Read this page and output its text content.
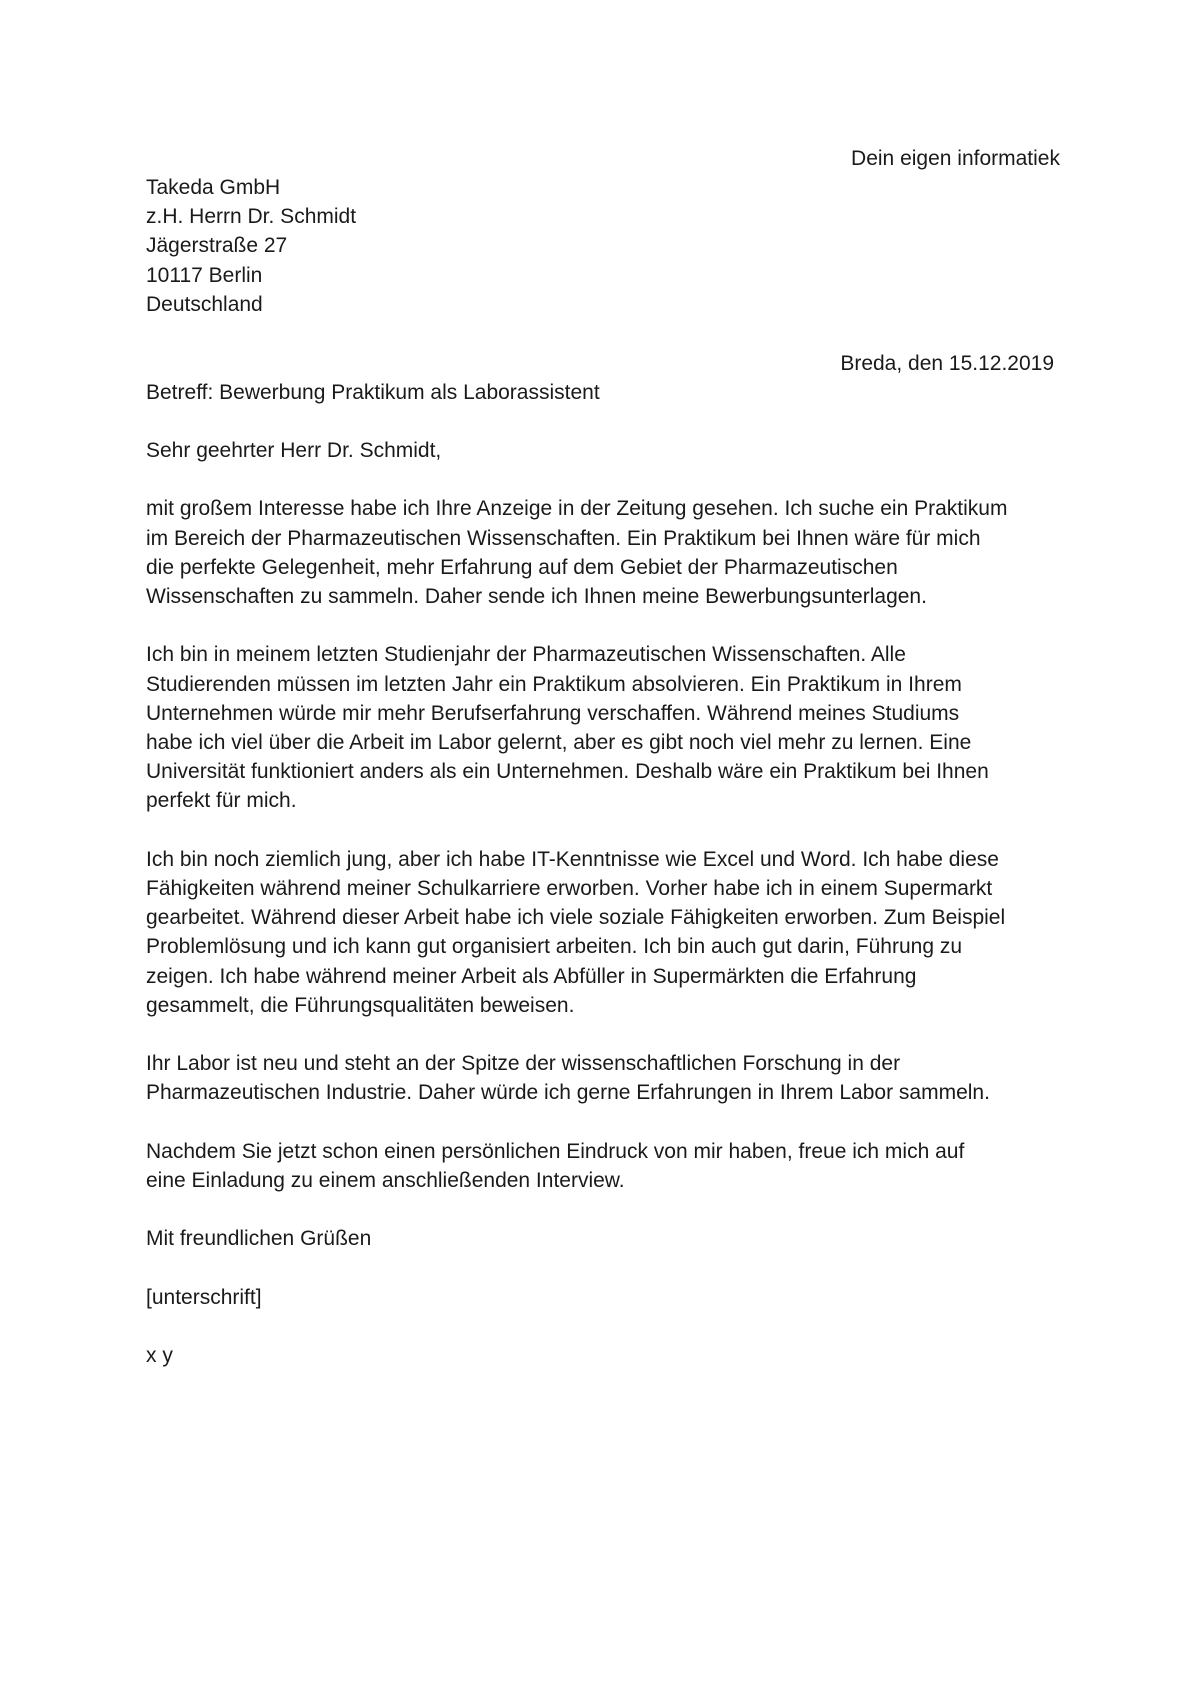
Dein eigen informatiek
Takeda GmbH
z.H. Herrn Dr. Schmidt
Jägerstraße 27
10117 Berlin
Deutschland
Breda, den 15.12.2019
Betreff: Bewerbung Praktikum als Laborassistent

Sehr geehrter Herr Dr. Schmidt,

mit großem Interesse habe ich Ihre Anzeige in der Zeitung gesehen. Ich suche ein Praktikum
im Bereich der Pharmazeutischen Wissenschaften. Ein Praktikum bei Ihnen wäre für mich
die perfekte Gelegenheit, mehr Erfahrung auf dem Gebiet der Pharmazeutischen
Wissenschaften zu sammeln. Daher sende ich Ihnen meine Bewerbungsunterlagen.

Ich bin in meinem letzten Studienjahr der Pharmazeutischen Wissenschaften. Alle
Studierenden müssen im letzten Jahr ein Praktikum absolvieren. Ein Praktikum in Ihrem
Unternehmen würde mir mehr Berufserfahrung verschaffen. Während meines Studiums
habe ich viel über die Arbeit im Labor gelernt, aber es gibt noch viel mehr zu lernen. Eine
Universität funktioniert anders als ein Unternehmen. Deshalb wäre ein Praktikum bei Ihnen
perfekt für mich.

Ich bin noch ziemlich jung, aber ich habe IT-Kenntnisse wie Excel und Word. Ich habe diese
Fähigkeiten während meiner Schulkarriere erworben. Vorher habe ich in einem Supermarkt
gearbeitet. Während dieser Arbeit habe ich viele soziale Fähigkeiten erworben. Zum Beispiel
Problemlösung und ich kann gut organisiert arbeiten. Ich bin auch gut darin, Führung zu
zeigen. Ich habe während meiner Arbeit als Abfüller in Supermärkten die Erfahrung
gesammelt, die Führungsqualitäten beweisen.

Ihr Labor ist neu und steht an der Spitze der wissenschaftlichen Forschung in der
Pharmazeutischen Industrie. Daher würde ich gerne Erfahrungen in Ihrem Labor sammeln.

Nachdem Sie jetzt schon einen persönlichen Eindruck von mir haben, freue ich mich auf
eine Einladung zu einem anschließenden Interview.

Mit freundlichen Grüßen

[unterschrift]

x y
